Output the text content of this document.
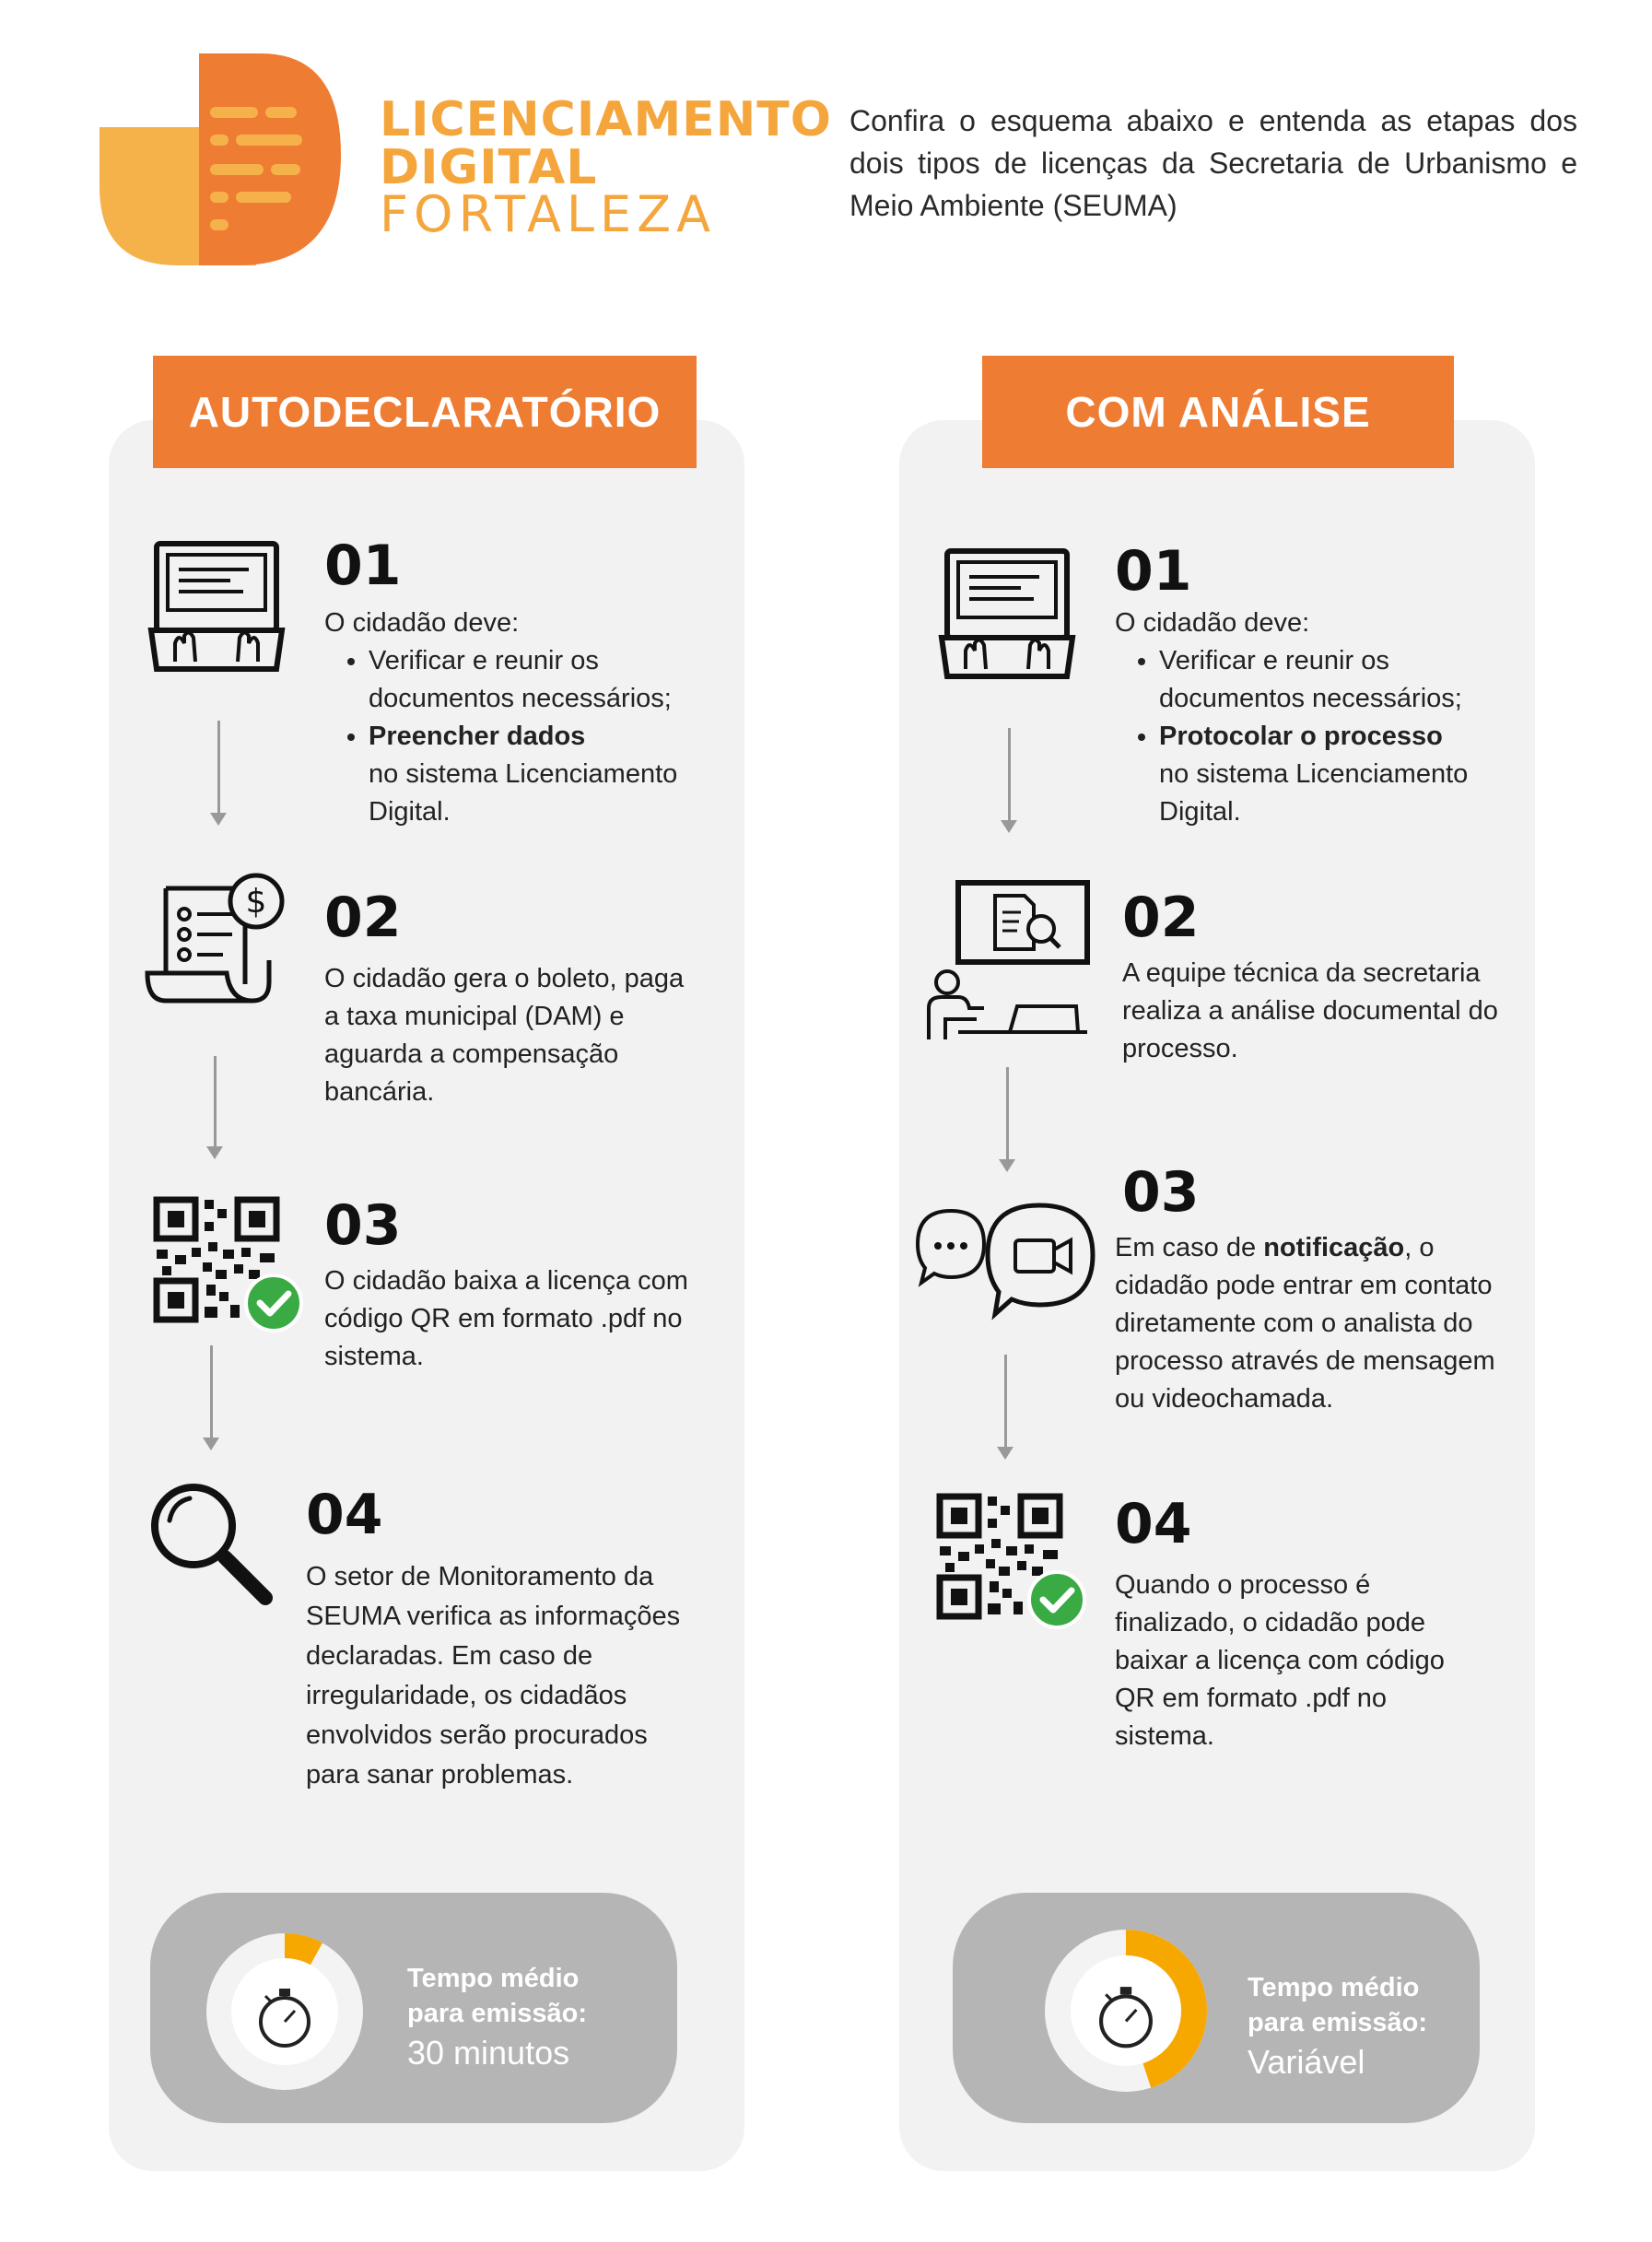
LICENCIAMENTO
DIGITAL
FORTALEZA
Confira o esquema abaixo e entenda as etapas dos dois tipos de licenças da Secretaria de Urbanismo e Meio Ambiente (SEUMA)
AUTODECLARATÓRIO
01
O cidadão deve:
• Verificar e reunir os documentos necessários;
• Preencher dados
no sistema Licenciamento Digital.
$ 02
O cidadão gera o boleto, paga a taxa municipal (DAM) e aguarda a compensação bancária.
03
O cidadão baixa a licença com código QR em formato .pdf no sistema.
04
O setor de Monitoramento da SEUMA verifica as informações declaradas. Em caso de irregularidade, os cidadãos envolvidos serão procurados para sanar problemas.
Tempo médio para emissão:
30 minutos
COM ANÁLISE
01
O cidadão deve:
• Verificar e reunir os documentos necessários;
• Protocolar o processo
no sistema Licenciamento Digital.
02
A equipe técnica da secretaria realiza a análise documental do processo.
03
Em caso de notificação, o cidadão pode entrar em contato diretamente com o analista do processo através de mensagem ou videochamada.
04
Quando o processo é finalizado, o cidadão pode baixar a licença com código QR em formato .pdf no sistema.
Tempo médio para emissão:
Variável
